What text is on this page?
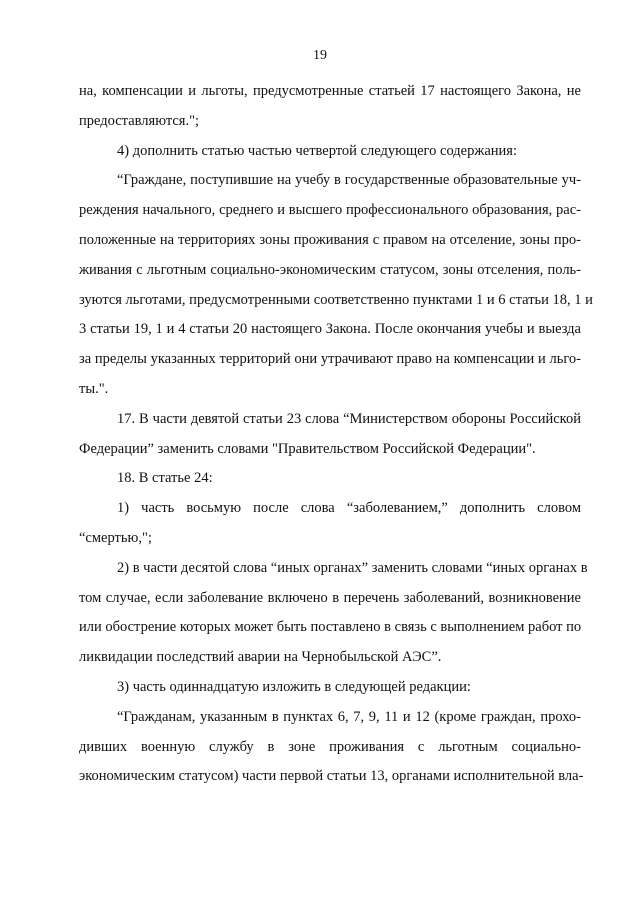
19
на, компенсации и льготы, предусмотренные статьей 17 настоящего Закона, не
предоставляются.";
4) дополнить статью частью четвертой следующего содержания:
“Граждане, поступившие на учебу в государственные образовательные уч-
реждения начального, среднего и высшего профессионального образования, рас-
положенные на территориях зоны проживания с правом на отселение, зоны про-
живания с льготным социально-экономическим статусом, зоны отселения, поль-
зуются льготами, предусмотренными соответственно пунктами 1 и 6 статьи 18, 1 и
3 статьи 19, 1 и 4 статьи 20 настоящего Закона. После окончания учебы и выезда
за пределы указанных территорий они утрачивают право на компенсации и льго-
ты.".
17. В части девятой статьи 23 слова “Министерством обороны Российской
Федерации” заменить словами "Правительством Российской Федерации".
18. В статье 24:
1) часть восьмую после слова “заболеванием,” дополнить словом
“смертью,";
2) в части десятой слова “иных органах” заменить словами “иных органах в
том случае, если заболевание включено в перечень заболеваний, возникновение
или обострение которых может быть поставлено в связь с выполнением работ по
ликвидации последствий аварии на Чернобыльской АЭС”.
3) часть одиннадцатую изложить в следующей редакции:
“Гражданам, указанным в пунктах 6, 7, 9, 11 и 12 (кроме граждан, прохо-
дивших военную службу в зоне проживания с льготным социально-
экономическим статусом) части первой статьи 13, органами исполнительной вла-
